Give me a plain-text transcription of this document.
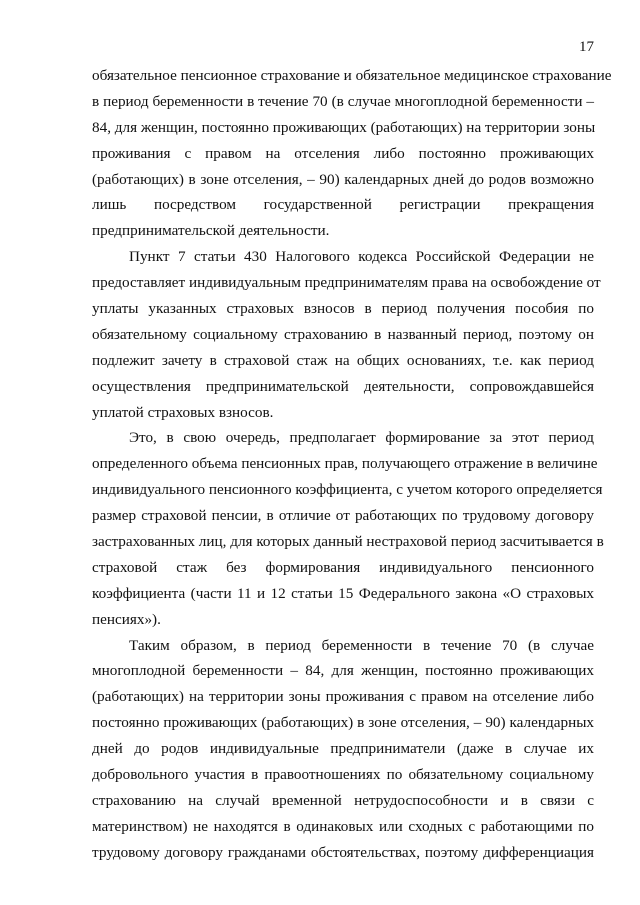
17
обязательное пенсионное страхование и обязательное медицинское страхование
в период беременности в течение 70 (в случае многоплодной беременности –
84, для женщин, постоянно проживающих (работающих) на территории зоны
проживания с правом на отселения либо постоянно проживающих
(работающих) в зоне отселения, – 90) календарных дней до родов возможно
лишь посредством государственной регистрации прекращения
предпринимательской деятельности.
Пункт 7 статьи 430 Налогового кодекса Российской Федерации не
предоставляет индивидуальным предпринимателям права на освобождение от
уплаты указанных страховых взносов в период получения пособия по
обязательному социальному страхованию в названный период, поэтому он
подлежит зачету в страховой стаж на общих основаниях, т.е. как период
осуществления предпринимательской деятельности, сопровождавшейся
уплатой страховых взносов.
Это, в свою очередь, предполагает формирование за этот период
определенного объема пенсионных прав, получающего отражение в величине
индивидуального пенсионного коэффициента, с учетом которого определяется
размер страховой пенсии, в отличие от работающих по трудовому договору
застрахованных лиц, для которых данный нестраховой период засчитывается в
страховой стаж без формирования индивидуального пенсионного
коэффициента (части 11 и 12 статьи 15 Федерального закона «О страховых
пенсиях»).
Таким образом, в период беременности в течение 70 (в случае
многоплодной беременности – 84, для женщин, постоянно проживающих
(работающих) на территории зоны проживания с правом на отселение либо
постоянно проживающих (работающих) в зоне отселения, – 90) календарных
дней до родов индивидуальные предприниматели (даже в случае их
добровольного участия в правоотношениях по обязательному социальному
страхованию на случай временной нетрудоспособности и в связи с
материнством) не находятся в одинаковых или сходных с работающими по
трудовому договору гражданами обстоятельствах, поэтому дифференциация
